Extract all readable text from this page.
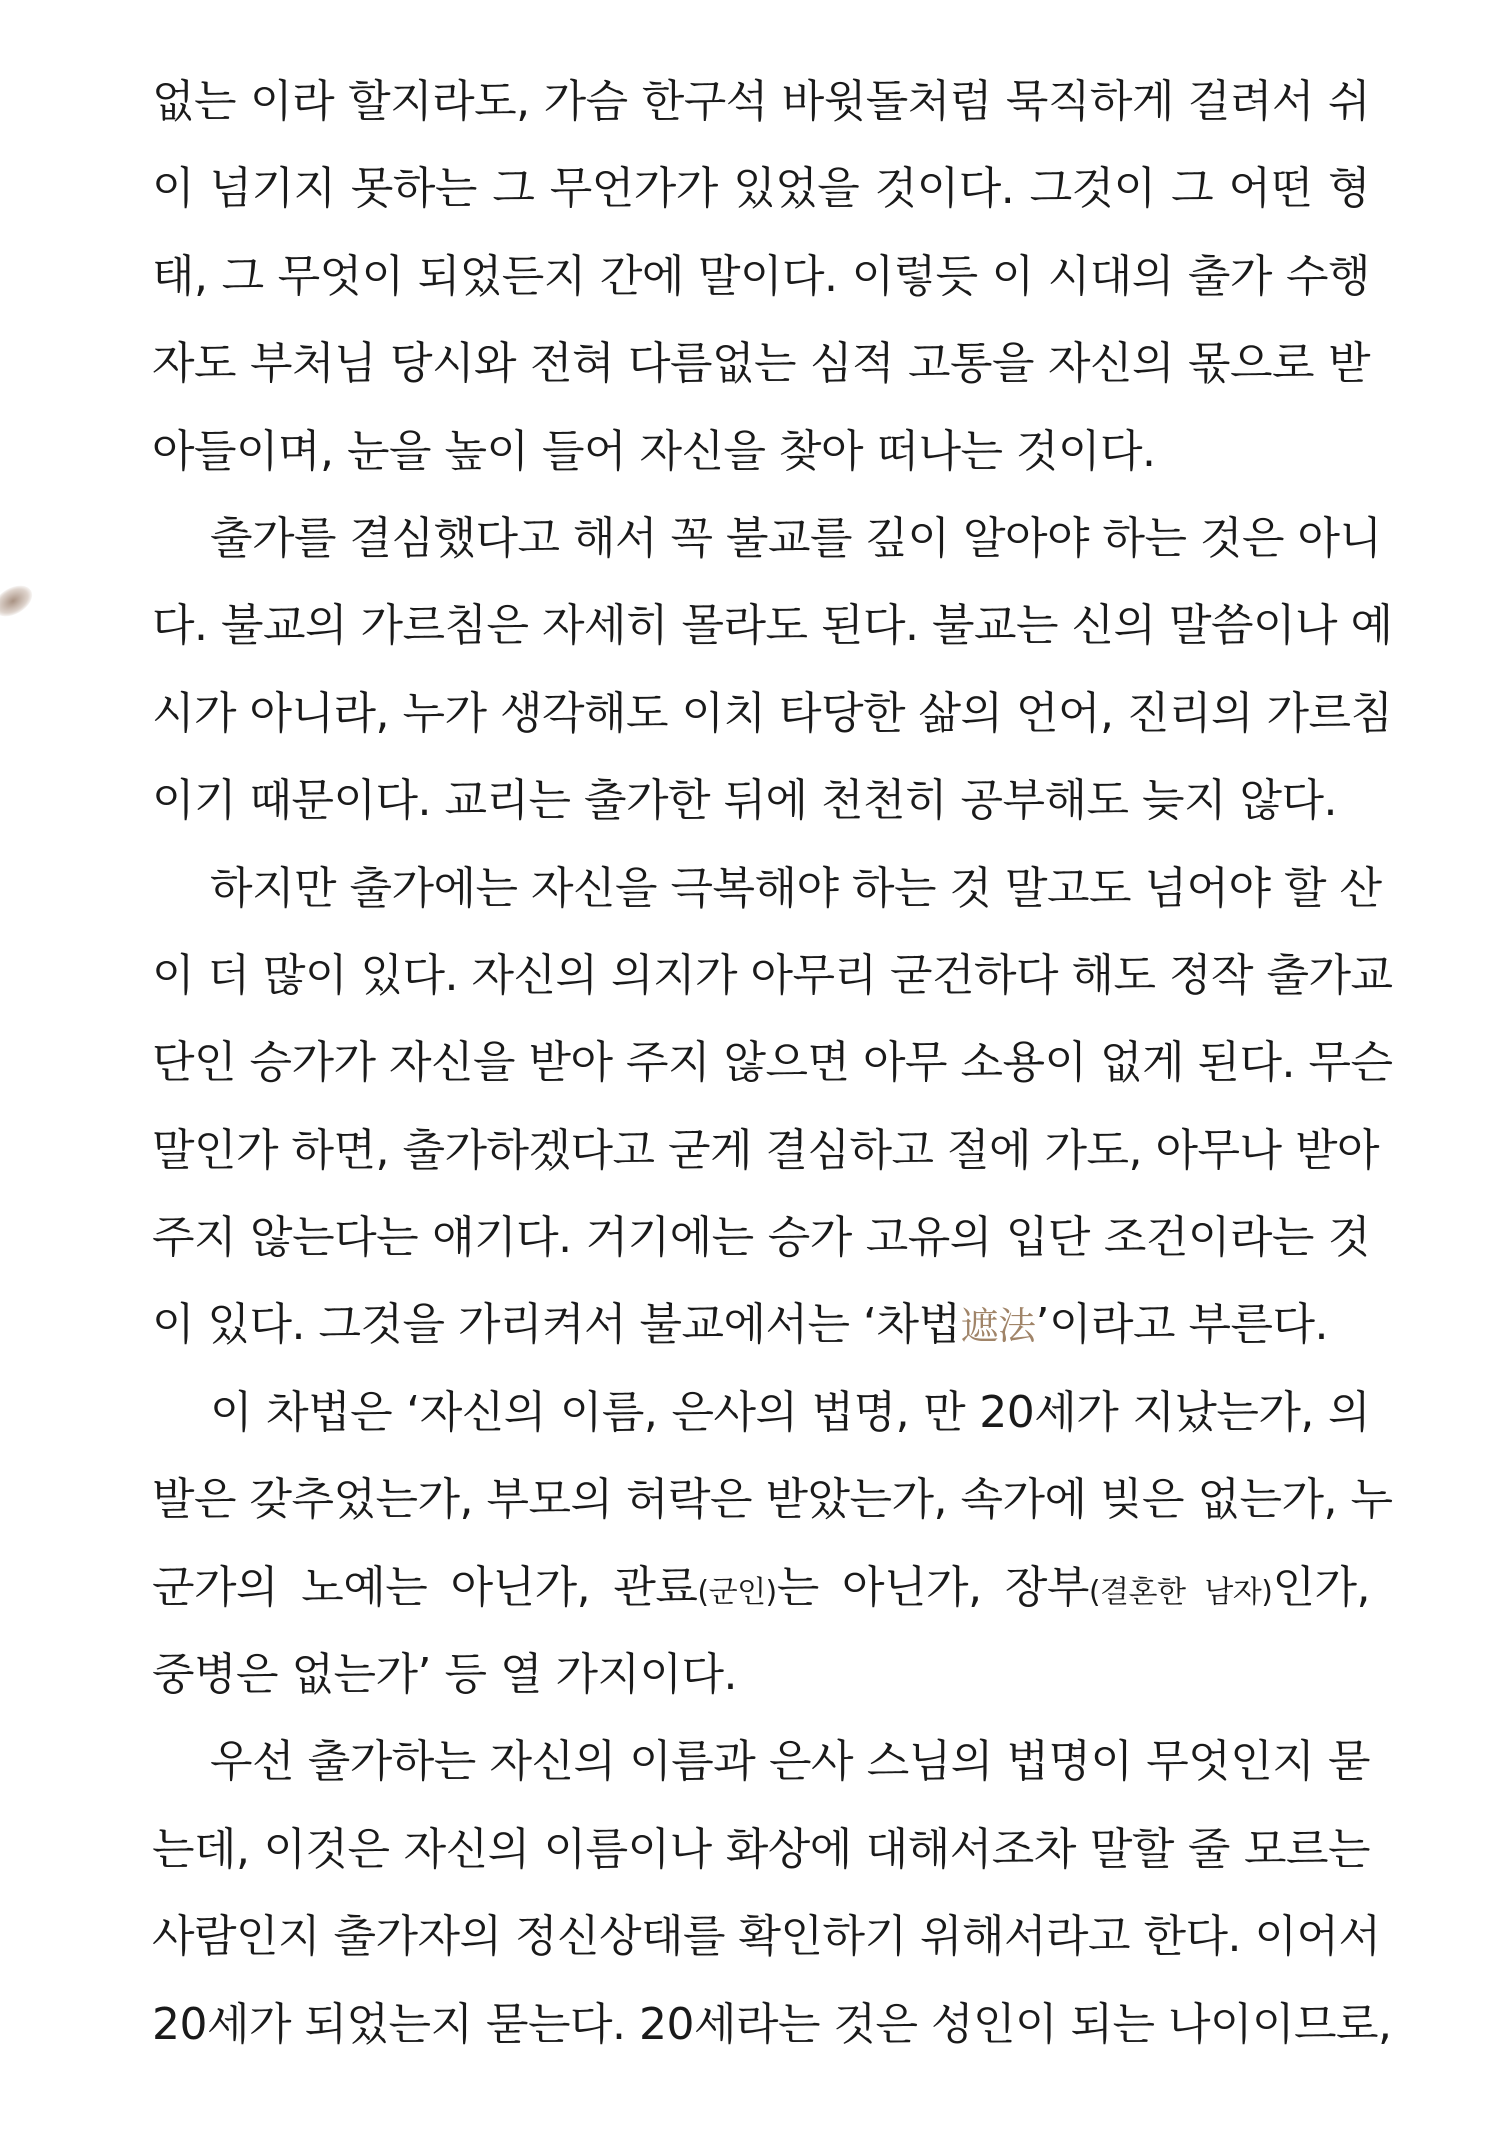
없는 이라 할지라도, 가슴 한구석 바윗돌처럼 묵직하게 걸려서 쉬
이 넘기지 못하는 그 무언가가 있었을 것이다. 그것이 그 어떤 형
태, 그 무엇이 되었든지 간에 말이다. 이렇듯 이 시대의 출가 수행
자도 부처님 당시와 전혀 다름없는 심적 고통을 자신의 몫으로 받
아들이며, 눈을 높이 들어 자신을 찾아 떠나는 것이다.
출가를 결심했다고 해서 꼭 불교를 깊이 알아야 하는 것은 아니
다. 불교의 가르침은 자세히 몰라도 된다. 불교는 신의 말씀이나 예
시가 아니라, 누가 생각해도 이치 타당한 삶의 언어, 진리의 가르침
이기 때문이다. 교리는 출가한 뒤에 천천히 공부해도 늦지 않다.
하지만 출가에는 자신을 극복해야 하는 것 말고도 넘어야 할 산
이 더 많이 있다. 자신의 의지가 아무리 굳건하다 해도 정작 출가교
단인 승가가 자신을 받아 주지 않으면 아무 소용이 없게 된다. 무슨
말인가 하면, 출가하겠다고 굳게 결심하고 절에 가도, 아무나 받아
주지 않는다는 얘기다. 거기에는 승가 고유의 입단 조건이라는 것
이 있다. 그것을 가리켜서 불교에서는 ‘차법遮法’이라고 부른다.
이 차법은 ‘자신의 이름, 은사의 법명, 만 20세가 지났는가, 의
발은 갖추었는가, 부모의 허락은 받았는가, 속가에 빚은 없는가, 누
군가의 노예는 아닌가, 관료(군인)는 아닌가, 장부(결혼한 남자)인가,
중병은 없는가’ 등 열 가지이다.
우선 출가하는 자신의 이름과 은사 스님의 법명이 무엇인지 묻
는데, 이것은 자신의 이름이나 화상에 대해서조차 말할 줄 모르는
사람인지 출가자의 정신상태를 확인하기 위해서라고 한다. 이어서
20세가 되었는지 묻는다. 20세라는 것은 성인이 되는 나이이므로,
